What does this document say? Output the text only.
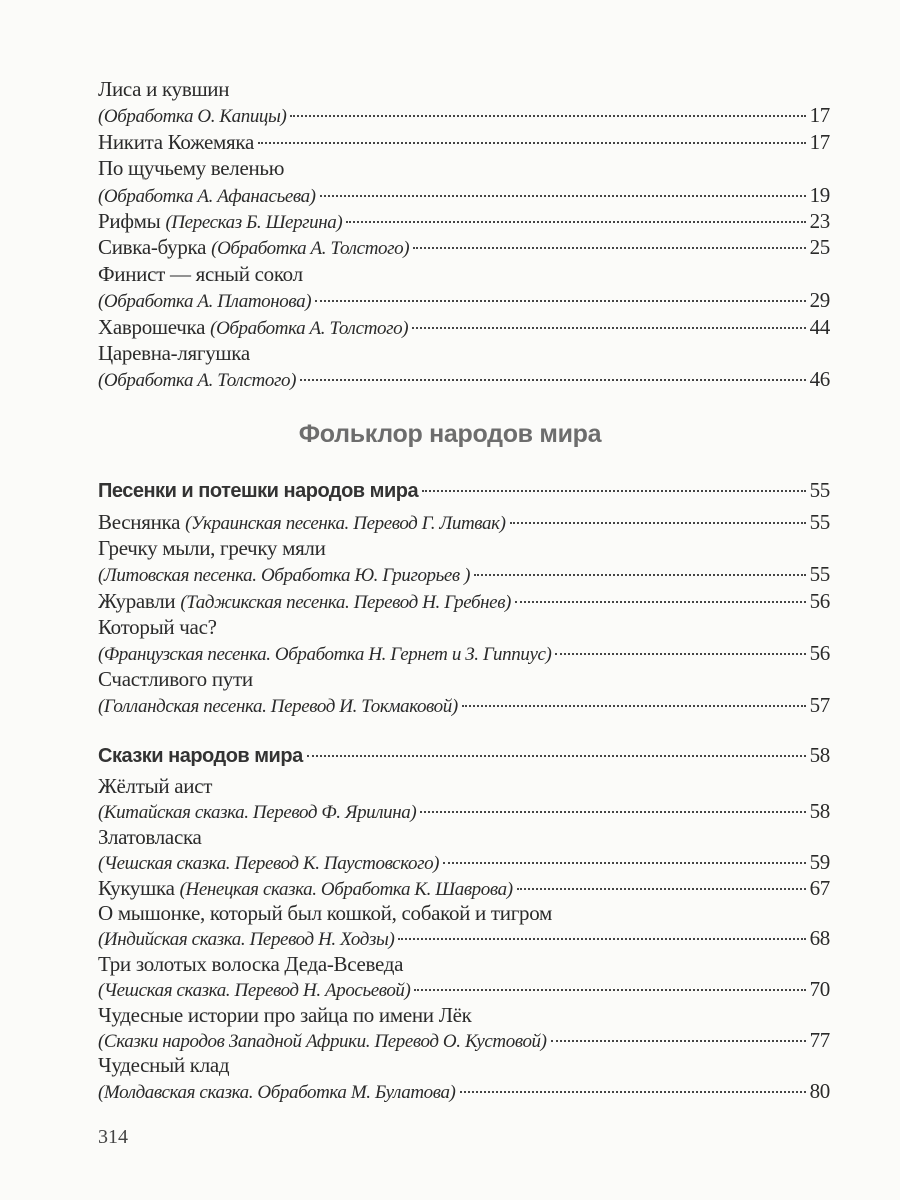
Лиса и кувшин
(Обработка О. Капицы)	17
Никита Кожемяка	17
По щучьему веленью
(Обработка А. Афанасьева)	19
Рифмы (Пересказ Б. Шергина)	23
Сивка-бурка (Обработка А. Толстого)	25
Финист — ясный сокол
(Обработка А. Платонова)	29
Хаврошечка (Обработка А. Толстого)	44
Царевна-лягушка
(Обработка А. Толстого)	46
Фольклор народов мира
Песенки и потешки народов мира	55
Веснянка (Украинская песенка. Перевод Г. Литвак)	55
Гречку мыли, гречку мяли
(Литовская песенка. Обработка Ю. Григорьев )	55
Журавли (Таджикская песенка. Перевод Н. Гребнев)	56
Который час?
(Французская песенка. Обработка Н. Гернет и З. Гиппиус)	56
Счастливого пути
(Голландская песенка. Перевод И. Токмаковой)	57
Сказки народов мира	58
Жёлтый аист
(Китайская сказка. Перевод Ф. Ярилина)	58
Златовласка
(Чешская сказка. Перевод К. Паустовского)	59
Кукушка (Ненецкая сказка. Обработка К. Шаврова)	67
О мышонке, который был кошкой, собакой и тигром
(Индийская сказка. Перевод Н. Ходзы)	68
Три золотых волоска Деда-Всеведа
(Чешская сказка. Перевод Н. Аросьевой)	70
Чудесные истории про зайца по имени Лёк
(Сказки народов Западной Африки. Перевод О. Кустовой)	77
Чудесный клад
(Молдавская сказка. Обработка М. Булатова)	80
314
